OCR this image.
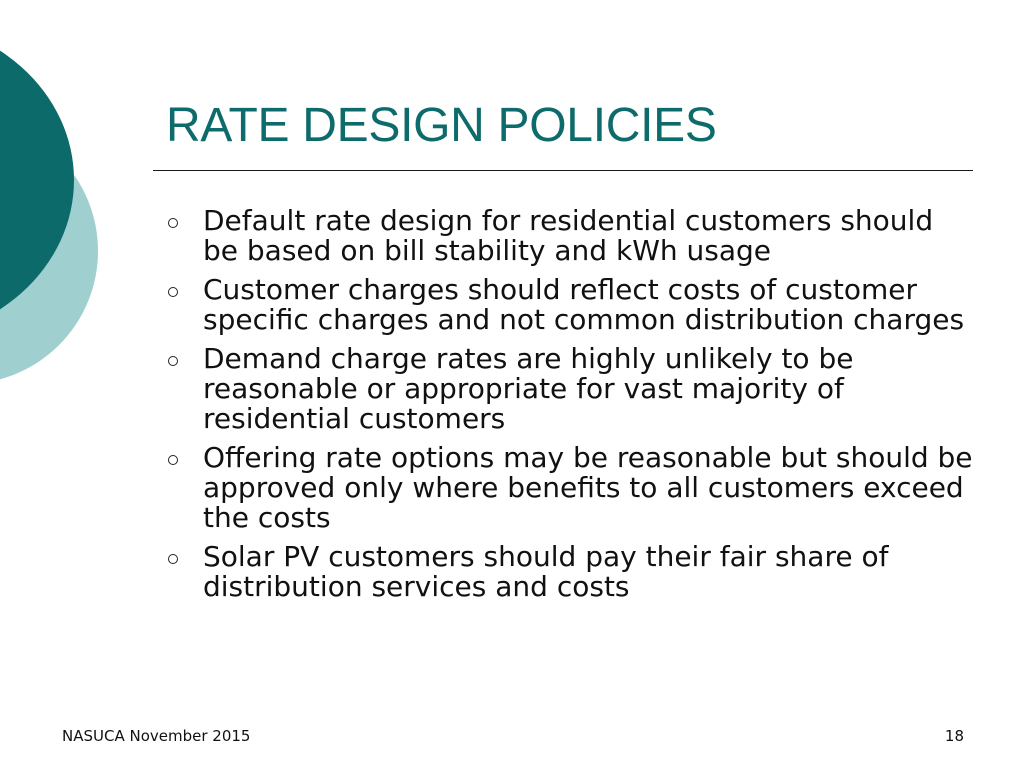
RATE DESIGN POLICIES
Default rate design for residential customers should be based on bill stability and kWh usage
Customer charges should reflect costs of customer specific charges and not common distribution charges
Demand charge rates are highly unlikely to be reasonable or appropriate for vast majority of residential customers
Offering rate options may be reasonable but should be approved only where benefits to all customers exceed the costs
Solar PV customers should pay their fair share of distribution services and costs
NASUCA November 2015	18
